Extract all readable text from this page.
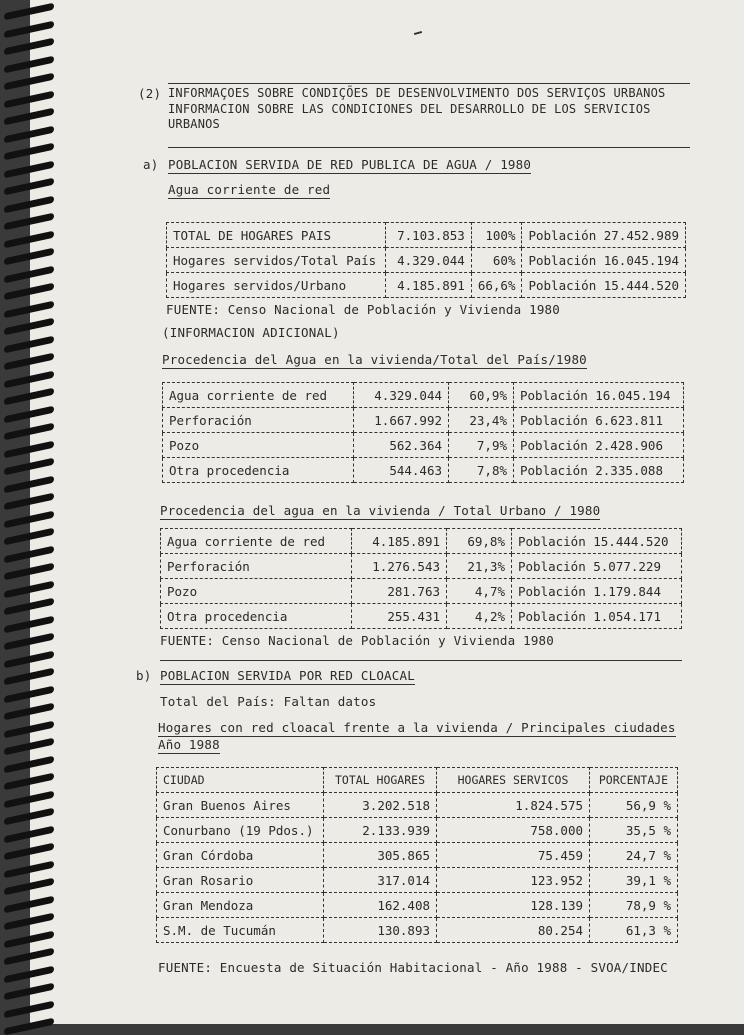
(2) INFORMAÇOES SOBRE CONDIÇÕES DE DESENVOLVIMENTO DOS SERVIÇOS URBANOS
INFORMACION SOBRE LAS CONDICIONES DEL DESARROLLO DE LOS SERVICIOS
URBANOS
a) POBLACION SERVIDA DE RED PUBLICA DE AGUA / 1980
Agua corriente de red
TOTAL DE HOGARES PAIS	7.103.853	100%	Población 27.452.989
Hogares servidos/Total País	4.329.044	60%	Población 16.045.194
Hogares servidos/Urbano	4.185.891	66,6%	Población 15.444.520
FUENTE: Censo Nacional de Población y Vivienda 1980
(INFORMACION ADICIONAL)
Procedencia del Agua en la vivienda/Total del País/1980
Agua corriente de red	4.329.044	60,9%	Población 16.045.194
Perforación	1.667.992	23,4%	Población 6.623.811
Pozo	562.364	7,9%	Población 2.428.906
Otra procedencia	544.463	7,8%	Población 2.335.088
Procedencia del agua en la vivienda / Total Urbano / 1980
Agua corriente de red	4.185.891	69,8%	Población 15.444.520
Perforación	1.276.543	21,3%	Población 5.077.229
Pozo	281.763	4,7%	Población 1.179.844
Otra procedencia	255.431	4,2%	Población 1.054.171
FUENTE: Censo Nacional de Población y Vivienda 1980
b) POBLACION SERVIDA POR RED CLOACAL
Total del País: Faltan datos
Hogares con red cloacal frente a la vivienda / Principales ciudades
Año 1988
CIUDAD	TOTAL HOGARES	HOGARES SERVICOS	PORCENTAJE
Gran Buenos Aires	3.202.518	1.824.575	56,9 %
Conurbano (19 Pdos.)	2.133.939	758.000	35,5 %
Gran Córdoba	305.865	75.459	24,7 %
Gran Rosario	317.014	123.952	39,1 %
Gran Mendoza	162.408	128.139	78,9 %
S.M. de Tucumán	130.893	80.254	61,3 %
FUENTE: Encuesta de Situación Habitacional - Año 1988 - SVOA/INDEC
